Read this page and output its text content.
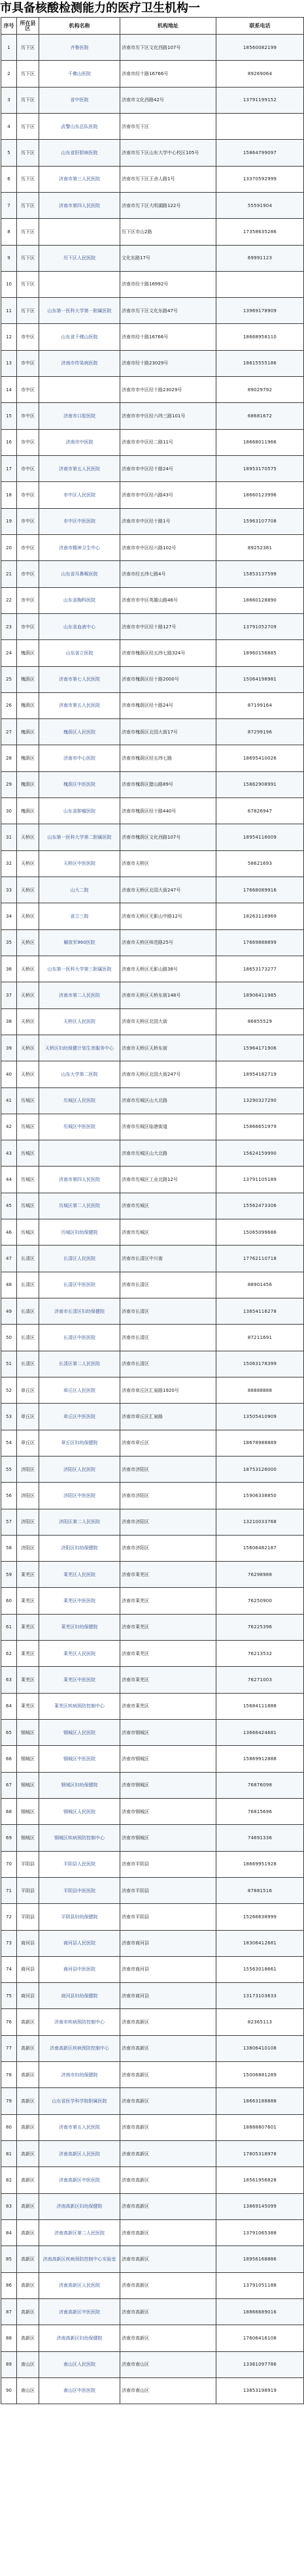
市具备核酸检测能力的医疗卫生机构一
序号	所在县区	机构名称	机构地址	联系电话
1	历下区	齐鲁医院	济南市历下区文化西路107号	18560082199
2	历下区	千佛山医院	济南市经十路16766号	89269064
3	历下区	省中医院	济南市文化西路42号	13791199152
4	历下区	武警山东总队医院	济南市历下区	
5	历下区	山东省肝胆病医院	济南市历下区山东大学中心校区105号	15864799097
6	历下区	济南市第三人民医院	济南市历下区王舍人路1号	13370592999
7	历下区	济南市第四人民医院	济南市历下区大明湖路122号	55591904
8	历下区		历下区市山2路	17358635286
9	历下区	历下区人民医院	文化东路17号	69991123
10	历下区		济南市经十路16992号	
11	历下区	山东第一医科大学第一附属医院	济南市历下区文化东路47号	13969178909
12	市中区	山东省千佛山医院	济南市经十路16766号	18668958110
13	市中区	济南市传染病医院	济南市经十路23029号	18615555186
14	市中区		济南市市中区经十路23029号	89029792
15	市中区	济南市口腔医院	济南市市中区经六纬三路101号	68681672
16	市中区	济南市中医院	济南市市中区经二路11号	18668011966
17	市中区	济南市第五人民医院	济南市市中区经十路24号	18953170575
18	市中区	市中区人民医院	济南市市中区经六路43号	18660123996
19	市中区	市中区中医医院	济南市市中区经十路1号	15963107708
20	市中区	济南市精神卫生中心	济南市市中区经六路102号	89252381
21	市中区	山东省耳鼻喉医院	济南市经五纬七路4号	15853137599
22	市中区	山东省胸科医院	济南市市中区英雄山路46号	18660128890
23	市中区	山东省血液中心	济南市市中区经十路127号	13791052709
24	槐荫区	山东省立医院	济南市槐荫区经五纬七路324号	18960156885
25	槐荫区	济南市第七人民医院	济南市槐荫区经十路2000号	15064198981
26	槐荫区	济南市第五人民医院	济南市槐荫区经十路24号	87199164
27	槐荫区	槐荫区人民医院	济南市槐荫区北园大街17号	87299196
28	槐荫区	济南市中心医院	济南市槐荫区经五纬七路	18695410026
29	槐荫区	槐荫区中医医院	济南市槐荫区腊山路89号	15862908991
30	槐荫区	山东省肿瘤医院	济南市槐荫区经十路440号	67826947
31	天桥区	山东第一医科大学第二附属医院	济南市槐荫区文化西路107号	18954116009
32	天桥区	天桥区中医医院	济南市天桥区	58621693
33	天桥区	山大二院	济南市天桥区北园大街247号	17668089916
34	天桥区	省立三院	济南市天桥区无影山中路12号	18263116969
35	天桥区	解放军960医院	济南市天桥区师范路25号	17669888899
36	天桥区	山东第一医科大学第三附属医院	济南市天桥区无影山路38号	18653173277
37	天桥区	济南市第二人民医院	济南市天桥区天桥东街148号	18906411985
38	天桥区	天桥区人民医院	济南市天桥区北园大街	86855529
39	天桥区	天桥区妇幼保健计划生育服务中心	济南市天桥区天桥东街	15964171906
40	天桥区	山东大学第二医院	济南市天桥区北园大街247号	18954182719
41	历城区	历城区人民医院	济南市历城区山大北路	13290327290
42	历城区	历城区中医医院	济南市历城区临港街道	15866651979
43	历城区		济南市历城区山大北路	15624159990
44	历城区	济南市第四人民医院	济南市历城区工业北路12号	13791105189
45	历城区	历城区第二人民医院	济南市历城区	15562473306
46	历城区	历城区妇幼保健院	济南市历城区	15065099686
47	长清区	长清区人民医院	济南市长清区中川街	17762110718
48	长清区	长清区中医医院	济南市长清区	88901456
49	长清区	济南市长清区妇幼保健院	济南市长清区	13854116278
50	长清区	长清区中医医院	济南市长清区	87211691
51	长清区	长清区第二人民医院	济南市长清区	15063178399
52	章丘区	章丘区人民医院	济南市章丘区汇泉路1920号	88888888
53	章丘区	章丘区中医医院	济南市章丘区汇泉路	13505410909
54	章丘区	章丘区妇幼保健院	济南市章丘区	18678988889
55	济阳区	济阳区人民医院	济南市济阳区	18753126000
56	济阳区	济阳区中医医院	济南市济阳区	15906338850
57	济阳区	济阳区第二人民医院	济南市济阳区	13210033768
58	济阳区	济阳区妇幼保健院	济南市济阳区	15606482187
59	莱芜区	莱芜区人民医院	济南市莱芜区	76298988
60	莱芜区	莱芜区中医医院	济南市莱芜区	76250900
61	莱芜区	莱芜区妇幼保健院	济南市莱芜区	76225396
62	莱芜区	莱芜区人民医院	济南市莱芜区	76213532
63	莱芜区	莱芜区中医医院	济南市莱芜区	76271003
64	莱芜区	莱芜区疾病预防控制中心	济南市莱芜区	15684111888
65	钢城区	钢城区人民医院	济南市钢城区	13666424681
66	钢城区	钢城区中医医院	济南市钢城区	15869912888
67	钢城区	钢城区妇幼保健院	济南市钢城区	76876098
68	钢城区	钢城区人民医院	济南市钢城区	76815696
69	钢城区	钢城区疾病预防控制中心	济南市钢城区	74691336
70	平阴县	平阴县人民医院	济南市平阴县	18669951928
71	平阴县	平阴县中医医院	济南市平阴县	87881516
72	平阴县	平阴县妇幼保健院	济南市平阴县	15266638999
73	商河县	商河县人民医院	济南市商河县	18306412681
74	商河县	商河县中医医院	济南市商河县	15563018661
75	商河县	商河县妇幼保健院	济南市商河县	13173103633
76	高新区	济南市疾病预防控制中心	济南市高新区	82365113
77	高新区	济南高新区疾病预防控制中心	济南市高新区	13806410108
78	高新区	济南市妇幼保健院	济南市高新区	15006881289
79	高新区	山东省医学科学院附属医院	济南市高新区	18663188888
80	高新区	济南市第五人民医院	济南市高新区	18888807601
81	高新区	济南高新区人民医院	济南市高新区	17805318978
82	高新区	济南高新区中医医院	济南市高新区	18561956828
83	高新区	济南高新区妇幼保健院	济南市高新区	13869145099
84	高新区	济南高新区第二人民医院	济南市高新区	13791065388
85	高新区	济南高新区疾病预防控制中心实验室	济南市高新区	18956168886
86	高新区	济南高新区人民医院	济南市高新区	13791051188
87	高新区	济南高新区中医医院	济南市高新区	18866689016
88	高新区	济南高新区妇幼保健院	济南市高新区	17606416108
89	南山区	南山区人民医院	济南市南山区	13361097786
90	南山区	南山区中医医院	济南市南山区	13853198919
